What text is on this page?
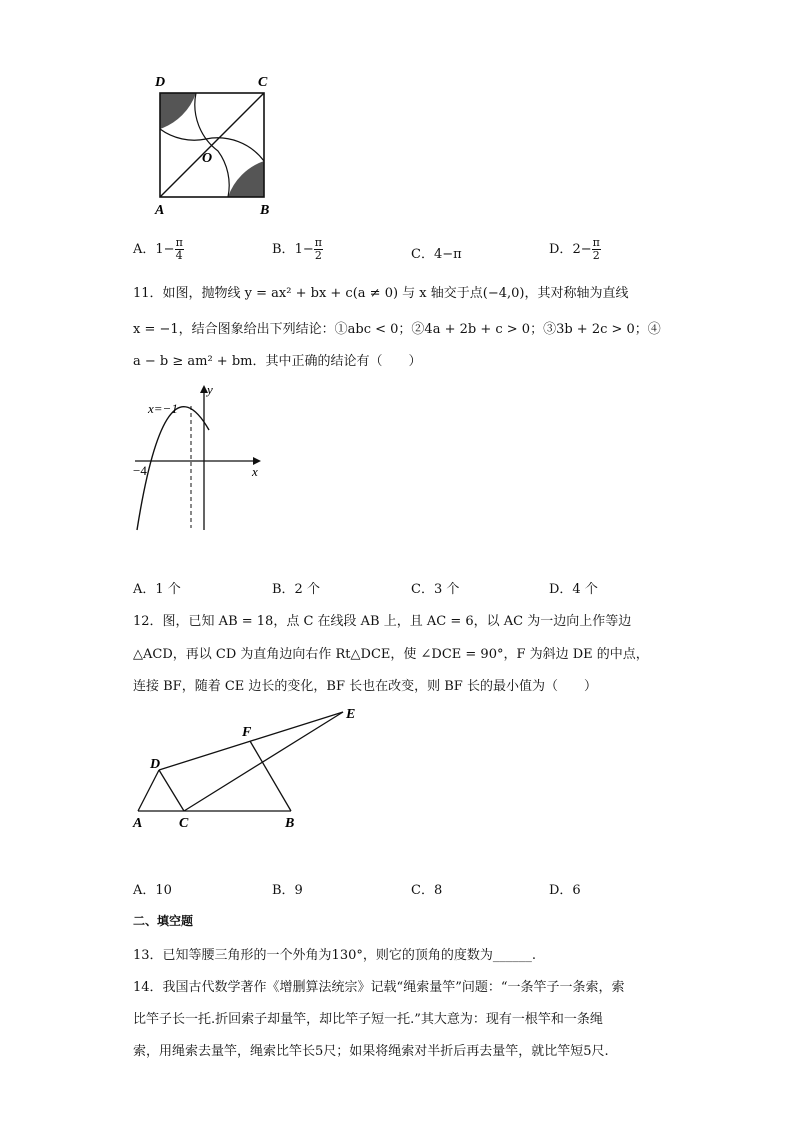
D	C
O
A	B
A．$1- \frac{\pi}{4}$	B．$1- \frac{\pi}{2}$	C．4−π	D．$2- \frac{\pi}{2}$
11．如图，抛物线 y = ax² + bx + c(a ≠ 0) 与 x 轴交于点(−4,0)，其对称轴为直线
x = −1，结合图象给出下列结论：①abc < 0；②4a + 2b + c > 0；③3b + 2c > 0；④
a − b ≥ am² + bm．其中正确的结论有（　　）
x=−1
y
x
−4
A．1 个	B．2 个	C．3 个	D．4 个
12．图，已知 AB = 18，点 C 在线段 AB 上，且 AC = 6，以 AC 为一边向上作等边
△ACD，再以 CD 为直角边向右作 Rt△DCE，使 ∠DCE = 90°，F 为斜边 DE 的中点，
连接 BF，随着 CE 边长的变化，BF 长也在改变，则 BF 长的最小值为（　　）
E
F
D
A	C	B
A．10	B．9	C．8	D．6
二、填空题
13．已知等腰三角形的一个外角为130°，则它的顶角的度数为______.
14．我国古代数学著作《增删算法统宗》记载“绳索量竿”问题：“一条竿子一条索，索
比竿子长一托.折回索子却量竿，却比竿子短一托.”其大意为：现有一根竿和一条绳
索，用绳索去量竿，绳索比竿长5尺；如果将绳索对半折后再去量竿，就比竿短5尺.
